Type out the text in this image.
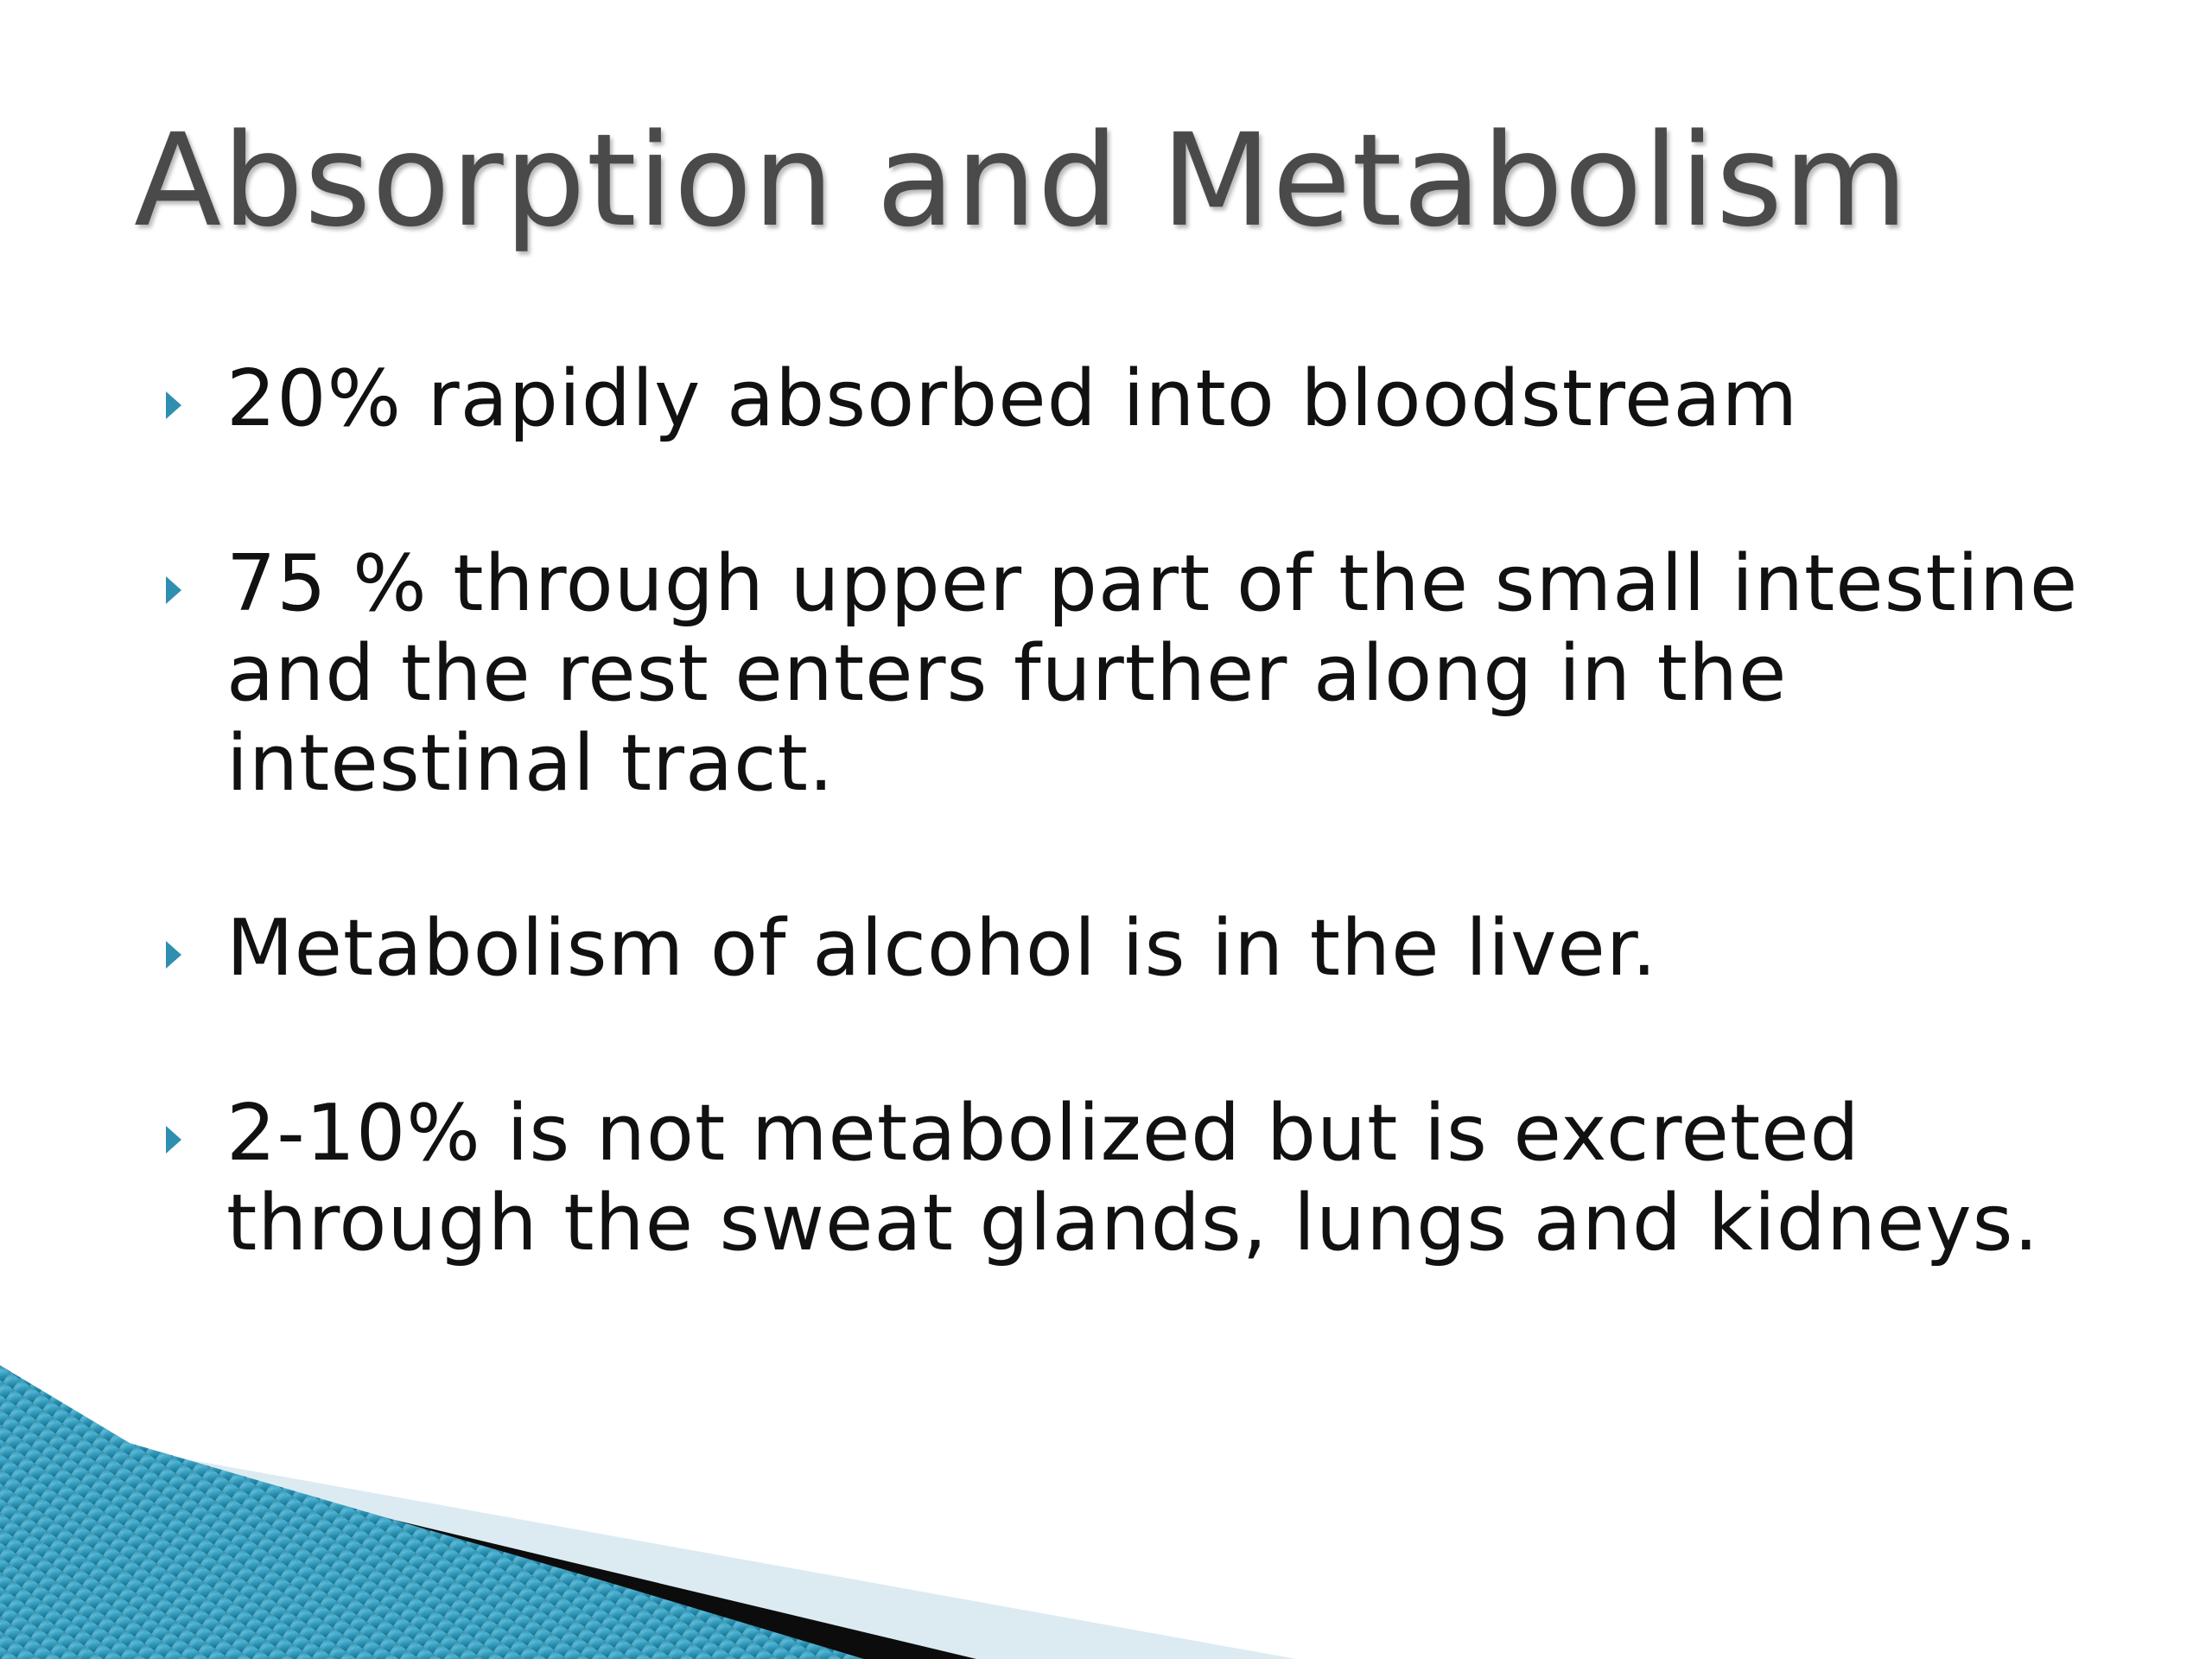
Absorption and Metabolism
20% rapidly absorbed into bloodstream
75 % through upper part of the small intestine and the rest enters further along in the intestinal tract.
Metabolism of alcohol is in the liver.
2-10% is not metabolized but is excreted through the sweat glands, lungs and kidneys.
